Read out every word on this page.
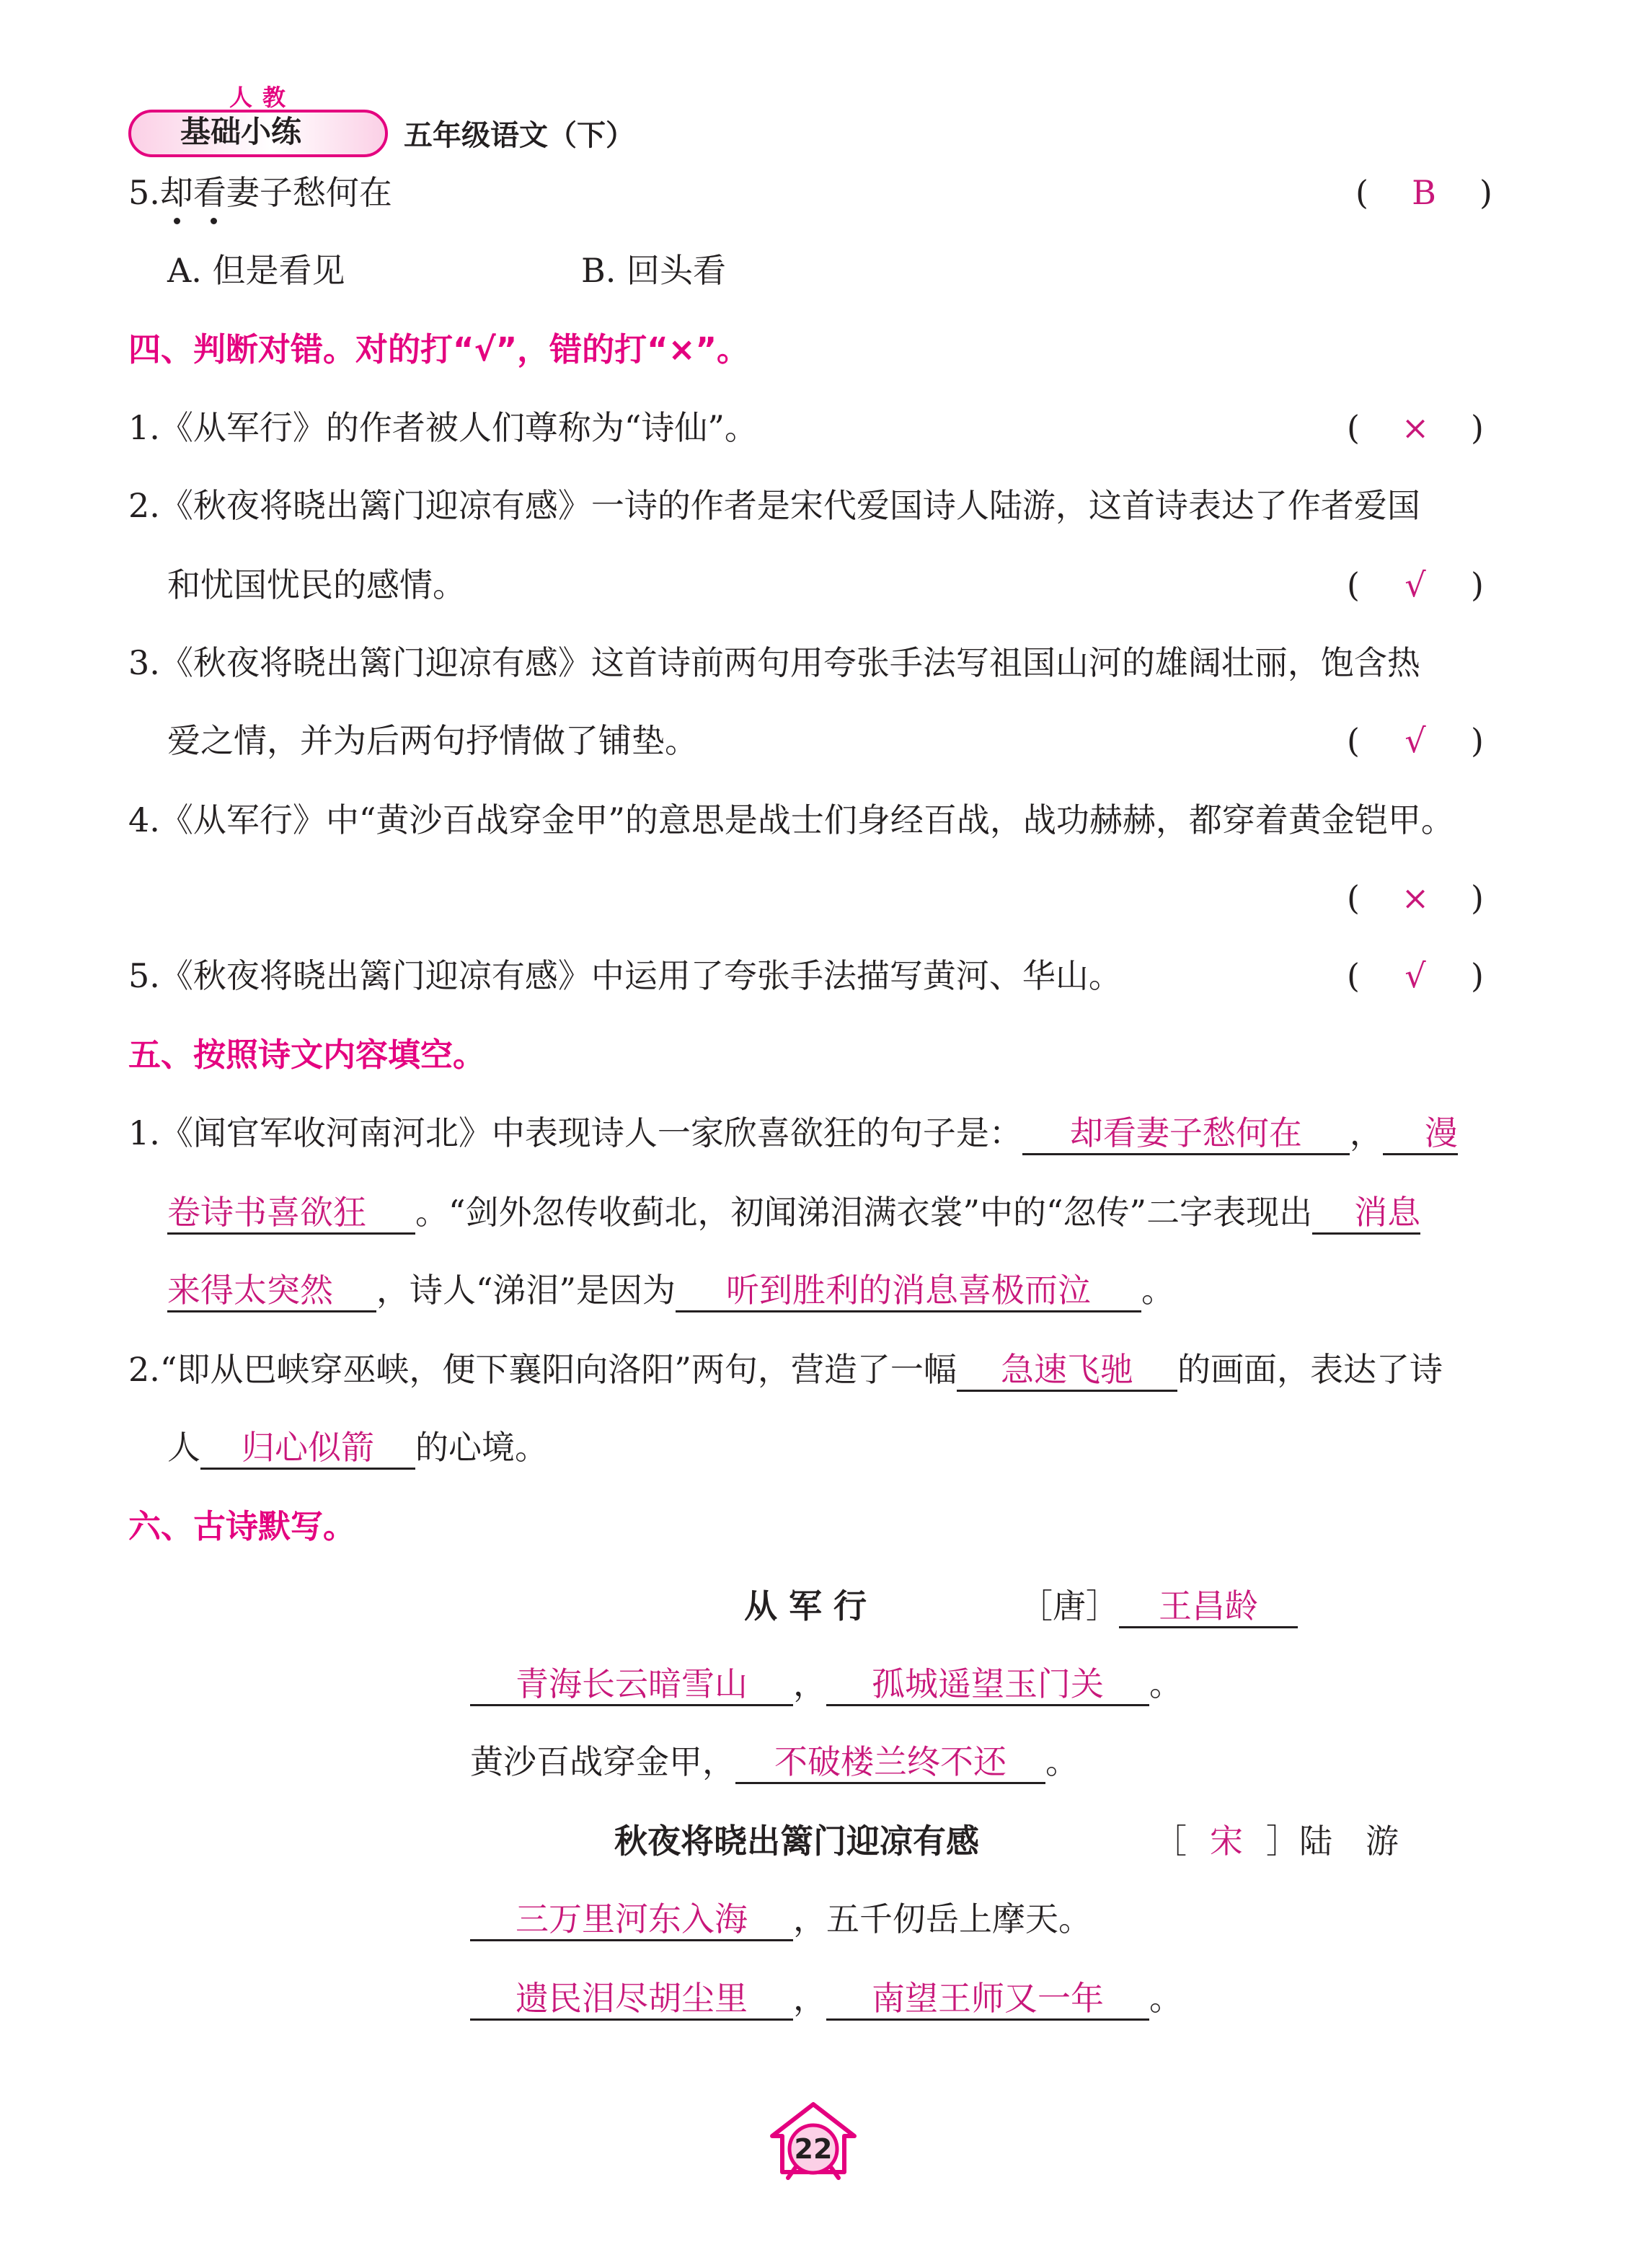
人教
基础小练	五年级语文（下）
5.却看妻子愁何在	( B )
A. 但是看见	B. 回头看
四、判断对错。对的打“√”，错的打“×”。
1.《从军行》的作者被人们尊称为“诗仙”。	( × )
2.《秋夜将晓出篱门迎凉有感》一诗的作者是宋代爱国诗人陆游，这首诗表达了作者爱国
和忧国忧民的感情。	( √ )
3.《秋夜将晓出篱门迎凉有感》这首诗前两句用夸张手法写祖国山河的雄阔壮丽，饱含热
爱之情，并为后两句抒情做了铺垫。	( √ )
4.《从军行》中“黄沙百战穿金甲”的意思是战士们身经百战，战功赫赫，都穿着黄金铠甲。
( × )
5.《秋夜将晓出篱门迎凉有感》中运用了夸张手法描写黄河、华山。	( √ )
五、按照诗文内容填空。
1.《闻官军收河南河北》中表现诗人一家欣喜欲狂的句子是： 却看妻子愁何在 ， 漫
卷诗书喜欲狂 。“剑外忽传收蓟北，初闻涕泪满衣裳”中的“忽传”二字表现出 消息
来得太突然 ，诗人“涕泪”是因为 听到胜利的消息喜极而泣 。
2.“即从巴峡穿巫峡，便下襄阳向洛阳”两句，营造了一幅 急速飞驰 的画面，表达了诗
人 归心似箭 的心境。
六、古诗默写。
从 军 行	［唐］ 王昌龄
青海长云暗雪山 ， 孤城遥望玉门关 。
黄沙百战穿金甲， 不破楼兰终不还 。
秋夜将晓出篱门迎凉有感	［ 宋 ］陆　游
三万里河东入海 ，五千仞岳上摩天。
遗民泪尽胡尘里 ， 南望王师又一年 。
22
